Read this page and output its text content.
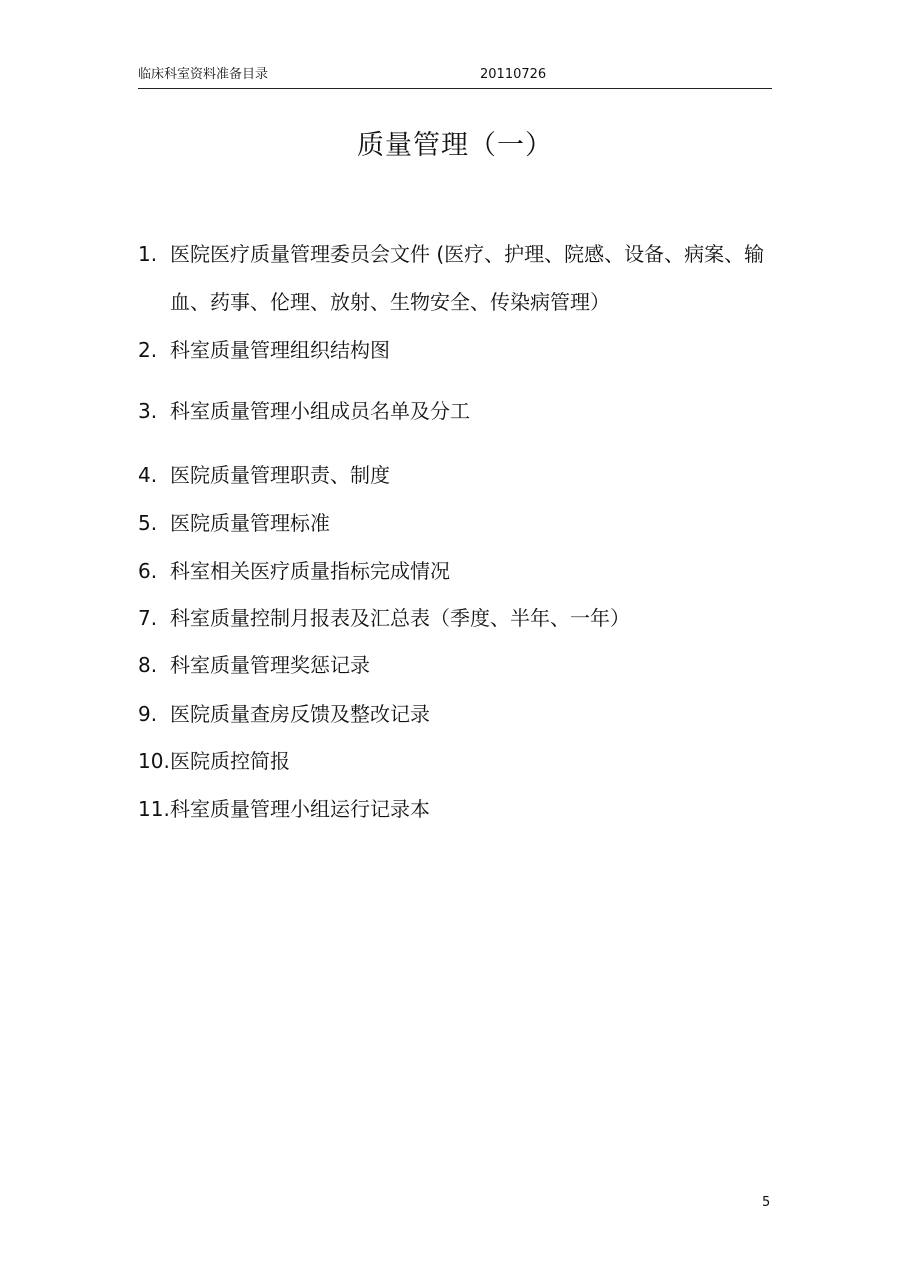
临床科室资料准备目录	20110726
质量管理（一）
1. 医院医疗质量管理委员会文件 (医疗、护理、院感、设备、病案、输
血、药事、伦理、放射、生物安全、传染病管理）
2. 科室质量管理组织结构图
3. 科室质量管理小组成员名单及分工
4. 医院质量管理职责、制度
5. 医院质量管理标准
6. 科室相关医疗质量指标完成情况
7. 科室质量控制月报表及汇总表（季度、半年、一年）
8. 科室质量管理奖惩记录
9. 医院质量查房反馈及整改记录
10. 医院质控简报
11. 科室质量管理小组运行记录本
5
